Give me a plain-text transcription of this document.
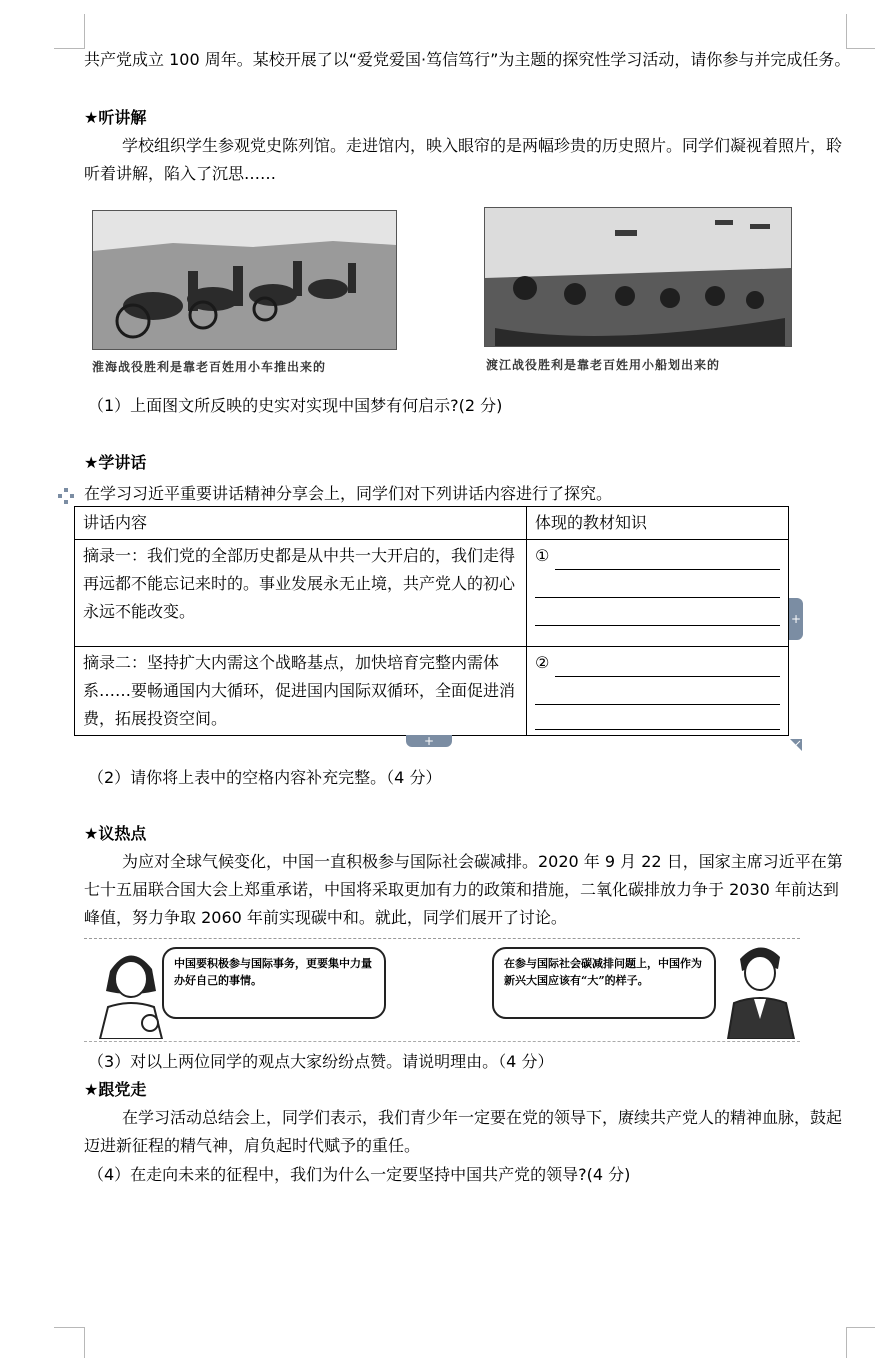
共产党成立 100 周年。某校开展了以“爱党爱国·笃信笃行”为主题的探究性学习活动，请你参与并完成任务。

★听讲解

学校组织学生参观党史陈列馆。走进馆内，映入眼帘的是两幅珍贵的历史照片。同学们凝视着照片，聆听着讲解，陷入了沉思……

淮海战役胜利是靠老百姓用小车推出来的	渡江战役胜利是靠老百姓用小船划出来的
（1）上面图文所反映的史实对实现中国梦有何启示?(2 分)
★学讲话

在学习习近平重要讲话精神分享会上，同学们对下列讲话内容进行了探究。

讲话内容	体现的教材知识
摘录一：我们党的全部历史都是从中共一大开启的，我们走得再远都不能忘记来时的。事业发展永无止境，共产党人的初心永远不能改变。	①

摘录二：坚持扩大内需这个战略基点，加快培育完整内需体系……要畅通国内大循环，促进国内国际双循环，全面促进消费，拓展投资空间。	②
+
+
（2）请你将上表中的空格内容补充完整。（4 分）
★议热点

为应对全球气候变化，中国一直积极参与国际社会碳减排。2020 年 9 月 22 日，国家主席习近平在第七十五届联合国大会上郑重承诺，中国将采取更加有力的政策和措施，二氧化碳排放力争于 2030 年前达到峰值，努力争取 2060 年前实现碳中和。就此，同学们展开了讨论。

中国要积极参与国际事务，更要集中力量办好自己的事情。
在参与国际社会碳减排问题上，中国作为新兴大国应该有“大”的样子。
（3）对以上两位同学的观点大家纷纷点赞。请说明理由。（4 分）
★跟党走

在学习活动总结会上，同学们表示，我们青少年一定要在党的领导下，赓续共产党人的精神血脉，鼓起迈进新征程的精气神，肩负起时代赋予的重任。

（4）在走向未来的征程中，我们为什么一定要坚持中国共产党的领导?(4 分)
